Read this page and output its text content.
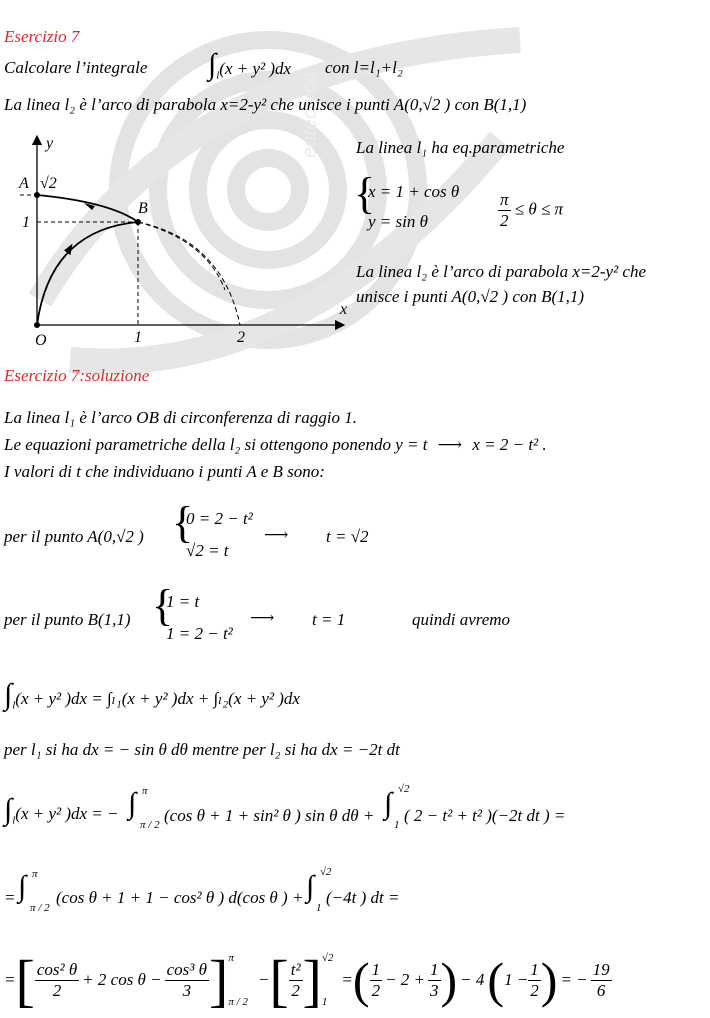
eutecnica
Esercizio 7
Calcolare l’integrale $\int_l(x + y^2$ )dx con l=l₁+l₂
La linea l₂ è l’arco di parabola x=2-y² che unisce i punti A(0,√2 ) con B(1,1)
y
x
A √2
1
B
O	1	2
La linea l₁ ha eq.parametriche
{
x = 1 + cos θ
y = sin θ	$\frac{\pi}{2} \le \theta \le \pi$
La linea l₂ è l’arco di parabola x=2-y² che
unisce i punti A(0,√2 ) con B(1,1)
Esercizio 7:soluzione
La linea l₁ è l’arco OB di circonferenza di raggio 1.
Le equazioni parametriche della l₂ si ottengono ponendo y = t ⟶ x = 2 − t² .
I valori di t che individuano i punti A e B sono:
per il punto A(0,√2 ) {
0 = 2 − t²
√2 = t
⟶ t = √2
per il punto B(1,1) {
1 = t
1 = 2 − t²
⟶ t = 1	quindi avremo
$\int_l(x + y^2$ )dx = ∫ₗ₁(x + y² )dx + ∫ₗ₂(x + y² )dx
per l₁ si ha dx = − sin θ dθ mentre per l₂ si ha dx = −2t dt
$\int_l(x + y^2$ )dx = − ∫ π
π / 2 (cos θ + 1 + sin² θ ) sin θ dθ + ∫ √2
1 ( 2 − t² + t² )(−2t dt ) =
= ∫ π
π / 2
(cos θ + 1 + 1 − cos² θ ) d(cos θ ) + ∫ √2
1
(−4t ) dt =
= [ $\frac{\text{cos² θ}}{2} + 2$ $\cos \theta - \frac{\text{cos³ θ}}{3}$ ] π
π / 2
− [ $\frac{\text{t²}}{2}$ ] √2
1
= ( $\frac{1}{2} - 2 + \frac{1}{3}$ ) − 4 ( $1 - \frac{1}{2}$ ) = − $\frac{19}{6}$
